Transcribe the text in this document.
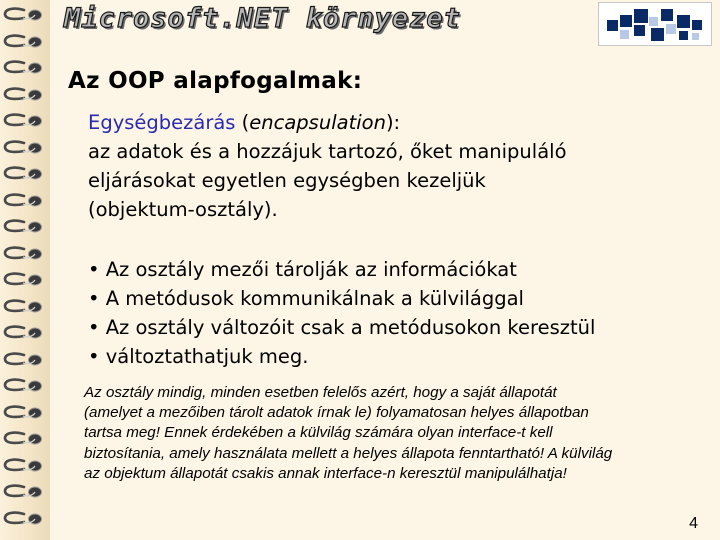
Microsoft.NET környezet
Az OOP alapfogalmak:
Egységbezárás (encapsulation):
az adatok és a hozzájuk tartozó, őket manipuláló
eljárásokat egyetlen egységben kezeljük
(objektum-osztály).
• Az osztály mezői tárolják az információkat
• A metódusok kommunikálnak a külvilággal
• Az osztály változóit csak a metódusokon keresztül
• változtathatjuk meg.
Az osztály mindig, minden esetben felelős azért, hogy a saját állapotát
(amelyet a mezőiben tárolt adatok írnak le) folyamatosan helyes állapotban
tartsa meg! Ennek érdekében a külvilág számára olyan interface-t kell
biztosítania, amely használata mellett a helyes állapota fenntartható! A külvilág
az objektum állapotát csakis annak interface-n keresztül manipulálhatja!
4
